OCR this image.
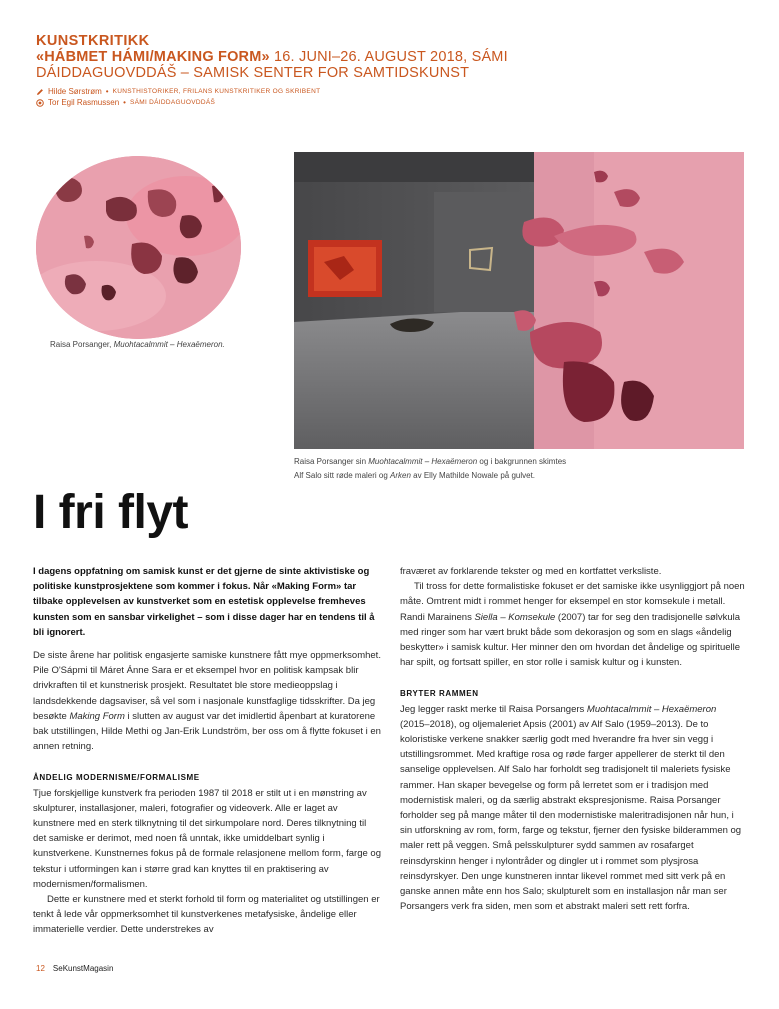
KUNSTKRITIKK
«HÁBMET HÁMI/MAKING FORM» 16. JUNI–26. AUGUST 2018, SÁMI DÁIDDAGUOVDDÁŠ – SAMISK SENTER FOR SAMTIDSKUNST
Hilde Sørstrøm • KUNSTHISTORIKER, FRILANS KUNSTKRITIKER OG SKRIBENT
Tor Egil Rasmussen • SÁMI DÁIDDAGUOVDDÁŠ
Raisa Porsanger, Muohtacalmmit – Hexaëmeron.
Raisa Porsanger sin Muohtacalmmit – Hexaëmeron og i bakgrunnen skimtes
Alf Salo sitt røde maleri og Arken av Elly Mathilde Nowale på gulvet.
I fri flyt

I dagens oppfatning om samisk kunst er det gjerne de sinte aktivistiske og politiske kunstprosjektene som kommer i fokus. Når «Making Form» tar tilbake opplevelsen av kunstverket som en estetisk opplevelse fremheves kunsten som en sansbar virkelighet – som i disse dager har en tendens til å bli ignorert.

De siste årene har politisk engasjerte samiske kunstnere fått mye oppmerksomhet. Pile O'Sápmi til Máret Ánne Sara er et eksempel hvor en politisk kampsak blir drivkraften til et kunstnerisk prosjekt. Resultatet ble store medieoppslag i landsdekkende dagsaviser, så vel som i nasjonale kunstfaglige tidsskrifter. Da jeg besøkte Making Form i slutten av august var det imidlertid åpenbart at kuratorene bak utstillingen, Hilde Methi og Jan-Erik Lundström, ber oss om å flytte fokuset i en annen retning.

ÅNDELIG MODERNISME/FORMALISME

Tjue forskjellige kunstverk fra perioden 1987 til 2018 er stilt ut i en mønstring av skulpturer, installasjoner, maleri, fotografier og videoverk. Alle er laget av kunstnere med en sterk tilknytning til det sirkumpolare nord. Deres tilknytning til det samiske er derimot, med noen få unntak, ikke umiddelbart synlig i kunstverkene. Kunstnernes fokus på de formale relasjonene mellom form, farge og tekstur i utformingen kan i større grad kan knyttes til en praktisering av modernismen/formalismen.

Dette er kunstnere med et sterkt forhold til form og materialitet og utstillingen er tenkt å lede vår oppmerksomhet til kunstverkenes metafysiske, åndelige eller immaterielle verdier. Dette understrekes av

fraværet av forklarende tekster og med en kortfattet verksliste.

Til tross for dette formalistiske fokuset er det samiske ikke usynliggjort på noen måte. Omtrent midt i rommet henger for eksempel en stor komsekule i metall. Randi Marainens Siella – Komsekule (2007) tar for seg den tradisjonelle sølvkula med ringer som har vært brukt både som dekorasjon og som en slags «åndelig beskytter» i samisk kultur. Her minner den om hvordan det åndelige og spirituelle har spilt, og fortsatt spiller, en stor rolle i samisk kultur og i kunsten.

BRYTER RAMMEN

Jeg legger raskt merke til Raisa Porsangers Muohtacalmmit – Hexaëmeron (2015–2018), og oljemaleriet Apsis (2001) av Alf Salo (1959–2013). De to koloristiske verkene snakker særlig godt med hverandre fra hver sin vegg i utstillingsrommet. Med kraftige rosa og røde farger appellerer de sterkt til den sanselige opplevelsen. Alf Salo har forholdt seg tradisjonelt til maleriets fysiske rammer. Han skaper bevegelse og form på lerretet som er i tradisjon med modernistisk maleri, og da særlig abstrakt ekspresjonisme. Raisa Porsanger forholder seg på mange måter til den modernistiske maleritradisjonen når hun, i sin utforskning av rom, form, farge og tekstur, fjerner den fysiske bilderammen og maler rett på veggen. Små pelsskulpturer sydd sammen av rosafarget reinsdyrskinn henger i nylontråder og dingler ut i rommet som plysjrosa reinsdyrskyer. Den unge kunstneren inntar likevel rommet med sitt verk på en ganske annen måte enn hos Salo; skulpturelt som en installasjon når man ser Porsangers verk fra siden, men som et abstrakt maleri sett rett forfra.

12 SeKunstMagasin
